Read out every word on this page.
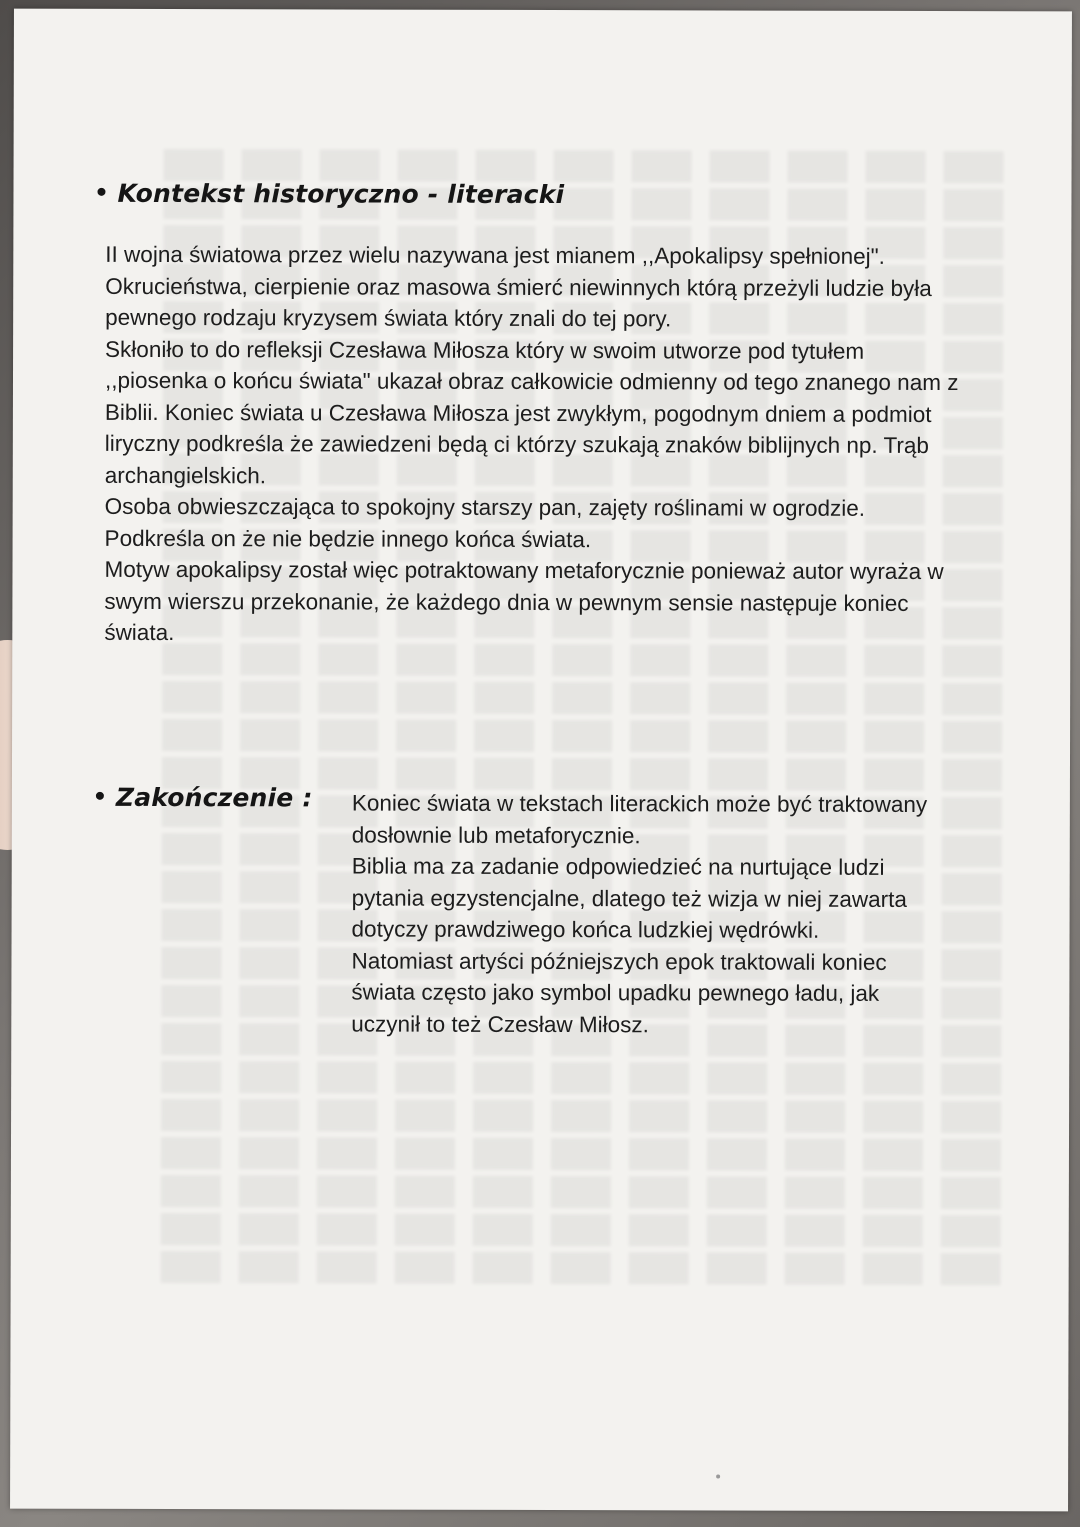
Kontekst historyczno - literacki

II wojna światowa przez wielu nazywana jest mianem ,,Apokalipsy spełnionej". Okrucieństwa, cierpienie oraz masowa śmierć niewinnych którą przeżyli ludzie była pewnego rodzaju kryzysem świata który znali do tej pory.

Skłoniło to do refleksji Czesława Miłosza który w swoim utworze pod tytułem ,,piosenka o końcu świata" ukazał obraz całkowicie odmienny od tego znanego nam z Biblii. Koniec świata u Czesława Miłosza jest zwykłym, pogodnym dniem a podmiot liryczny podkreśla że zawiedzeni będą ci którzy szukają znaków biblijnych np. Trąb archangielskich.

Osoba obwieszczająca to spokojny starszy pan, zajęty roślinami w ogrodzie. Podkreśla on że nie będzie innego końca świata.

Motyw apokalipsy został więc potraktowany metaforycznie ponieważ autor wyraża w swym wierszu przekonanie, że każdego dnia w pewnym sensie następuje koniec świata.

Zakończenie : Koniec świata w tekstach literackich może być traktowany dosłownie lub metaforycznie.

Biblia ma za zadanie odpowiedzieć na nurtujące ludzi pytania egzystencjalne, dlatego też wizja w niej zawarta dotyczy prawdziwego końca ludzkiej wędrówki.

Natomiast artyści późniejszych epok traktowali koniec świata często jako symbol upadku pewnego ładu, jak uczynił to też Czesław Miłosz.
